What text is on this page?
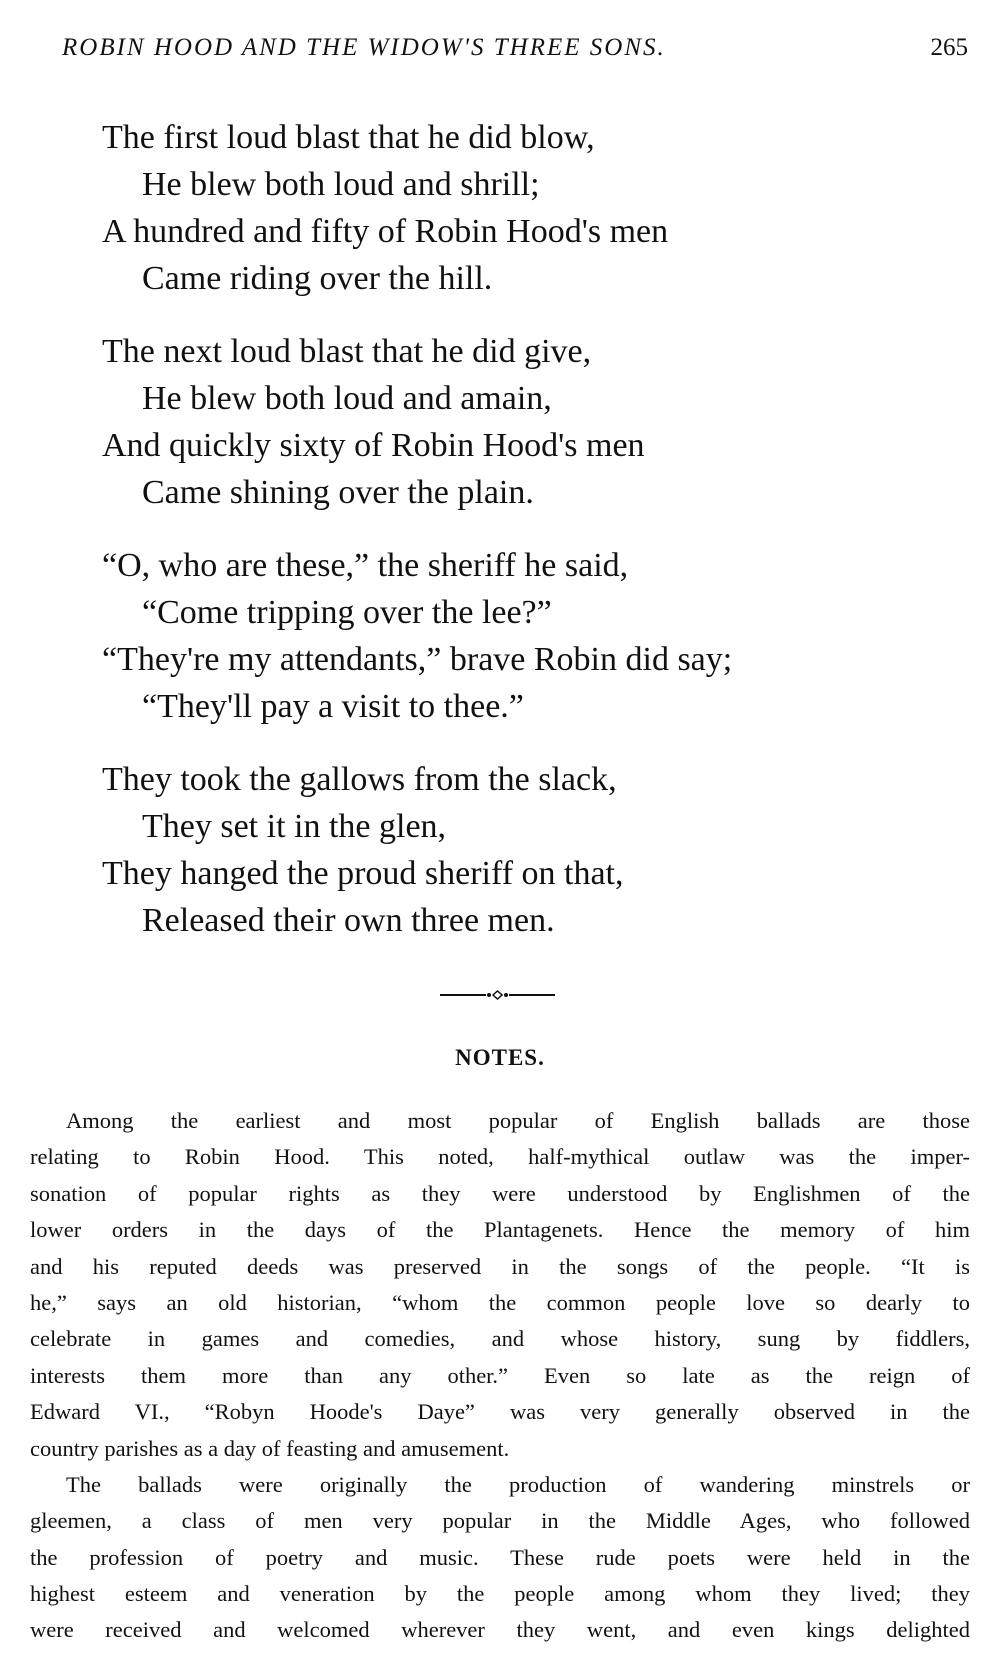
ROBIN HOOD AND THE WIDOW'S THREE SONS.	265
The first loud blast that he did blow,
He blew both loud and shrill;
A hundred and fifty of Robin Hood's men
Came riding over the hill.
The next loud blast that he did give,
He blew both loud and amain,
And quickly sixty of Robin Hood's men
Came shining over the plain.
“O, who are these,” the sheriff he said,
“Come tripping over the lee?”
“They're my attendants,” brave Robin did say;
“They'll pay a visit to thee.”
They took the gallows from the slack,
They set it in the glen,
They hanged the proud sheriff on that,
Released their own three men.
NOTES.
Among the earliest and most popular of English ballads are those
relating to Robin Hood. This noted, half-mythical outlaw was the imper-
sonation of popular rights as they were understood by Englishmen of the
lower orders in the days of the Plantagenets. Hence the memory of him
and his reputed deeds was preserved in the songs of the people. “It is
he,” says an old historian, “whom the common people love so dearly to
celebrate in games and comedies, and whose history, sung by fiddlers,
interests them more than any other.” Even so late as the reign of
Edward VI., “Robyn Hoode's Daye” was very generally observed in the
country parishes as a day of feasting and amusement.
The ballads were originally the production of wandering minstrels or
gleemen, a class of men very popular in the Middle Ages, who followed
the profession of poetry and music. These rude poets were held in the
highest esteem and veneration by the people among whom they lived; they
were received and welcomed wherever they went, and even kings delighted
